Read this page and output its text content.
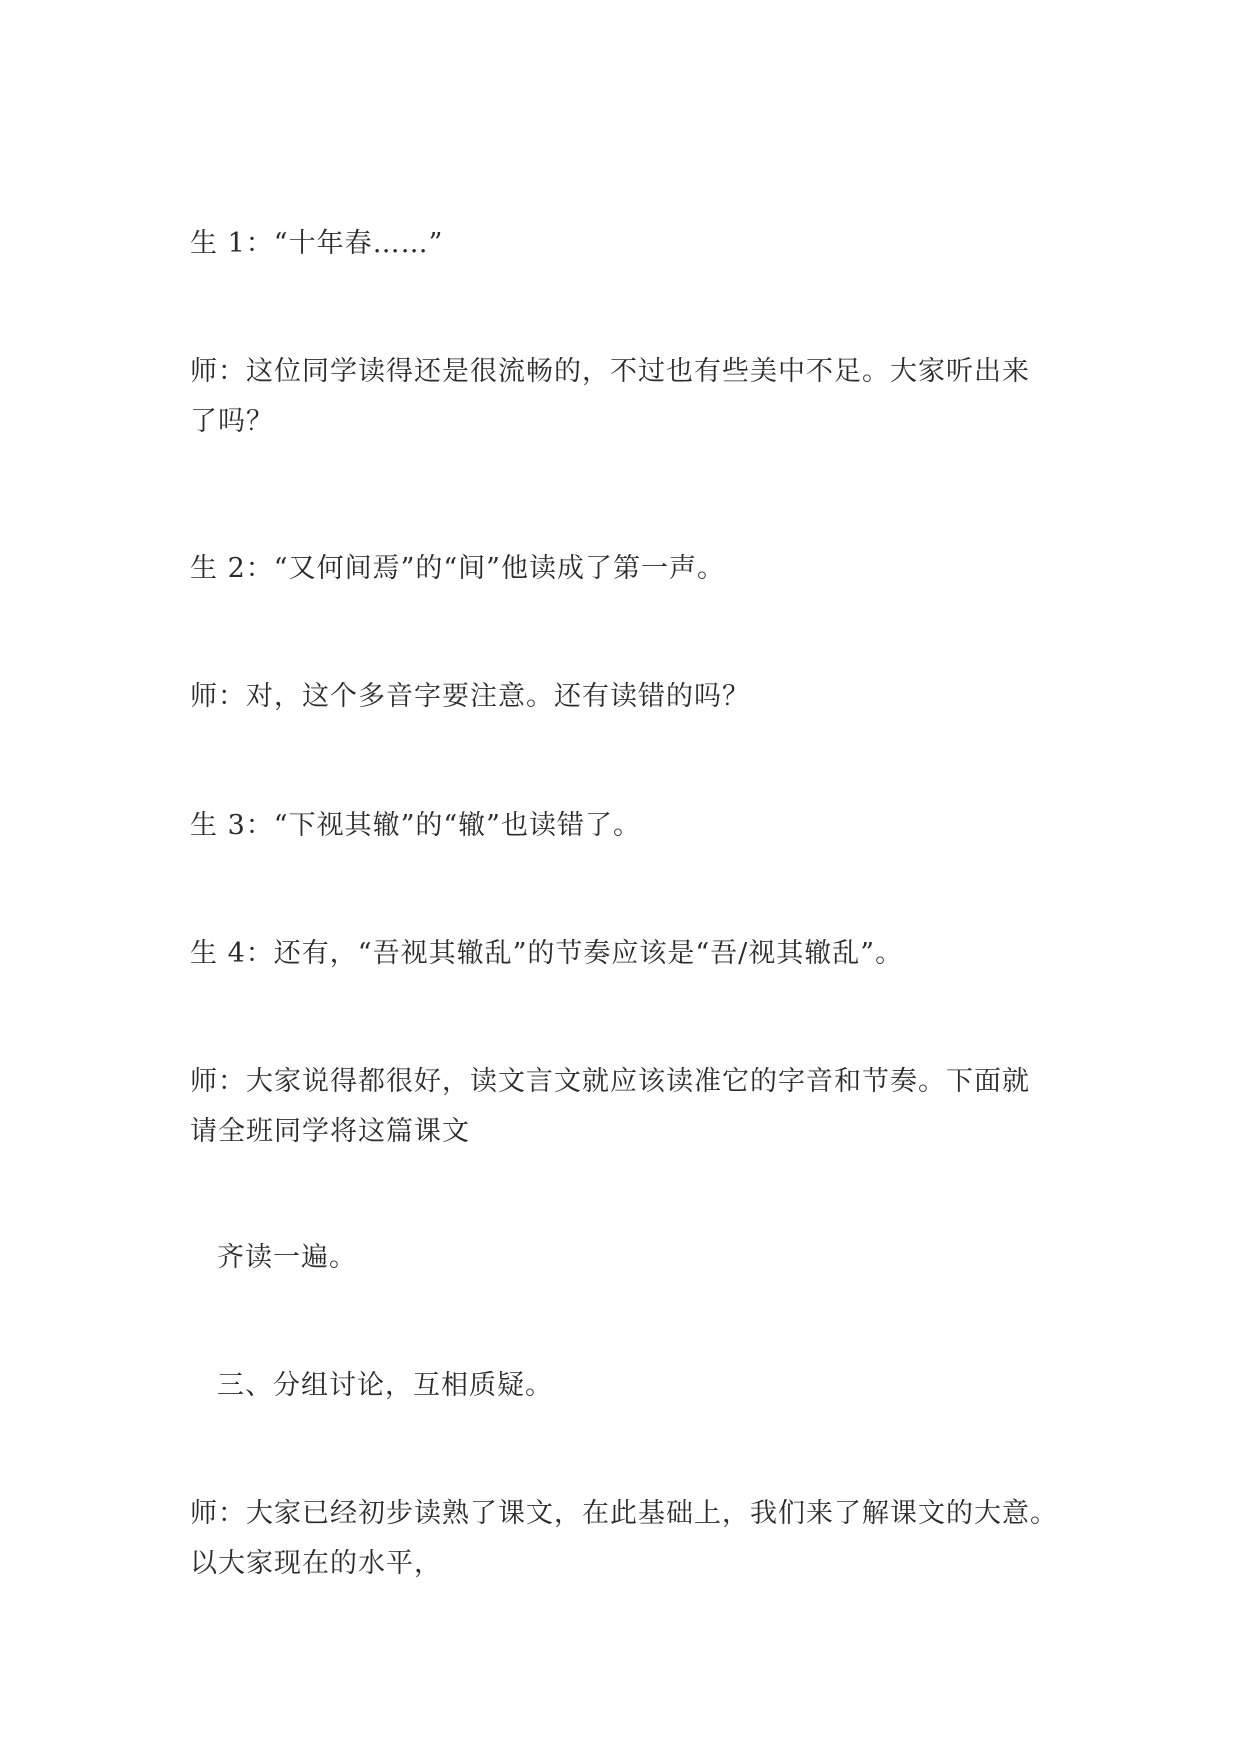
生 1：“十年春……”

师：这位同学读得还是很流畅的，不过也有些美中不足。大家听出来
了吗？

生 2：“又何间焉”的“间”他读成了第一声。

师：对，这个多音字要注意。还有读错的吗？

生 3：“下视其辙”的“辙”也读错了。

生 4：还有，“吾视其辙乱”的节奏应该是“吾/视其辙乱”。

师：大家说得都很好，读文言文就应该读准它的字音和节奏。下面就
请全班同学将这篇课文

齐读一遍。

三、分组讨论，互相质疑。

师：大家已经初步读熟了课文，在此基础上，我们来了解课文的大意。
以大家现在的水平，
